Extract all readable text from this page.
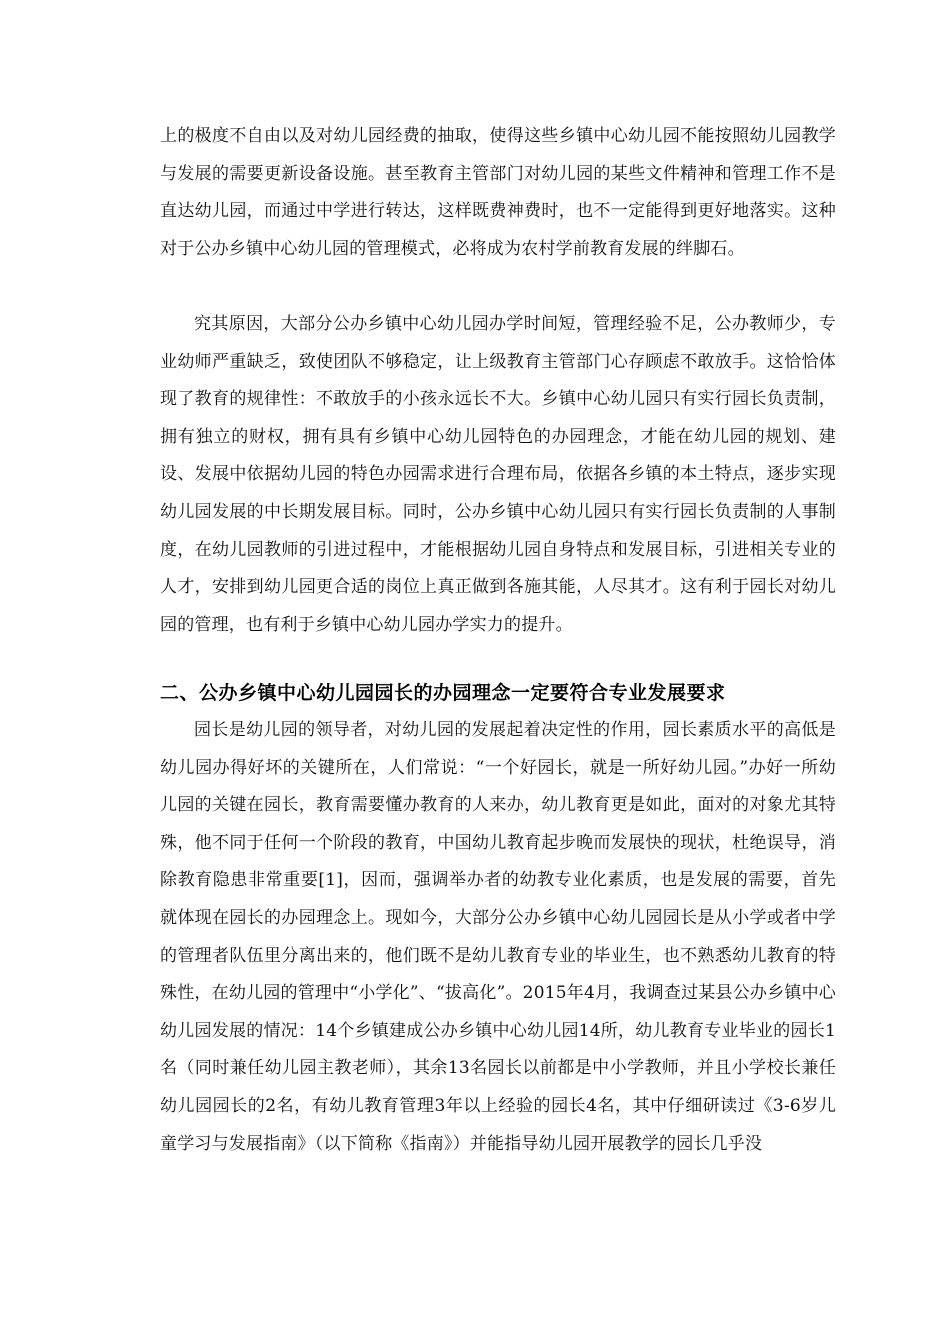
上的极度不自由以及对幼儿园经费的抽取，使得这些乡镇中心幼儿园不能按照幼儿园教学与发展的需要更新设备设施。甚至教育主管部门对幼儿园的某些文件精神和管理工作不是直达幼儿园，而通过中学进行转达，这样既费神费时，也不一定能得到更好地落实。这种对于公办乡镇中心幼儿园的管理模式，必将成为农村学前教育发展的绊脚石。

究其原因，大部分公办乡镇中心幼儿园办学时间短，管理经验不足，公办教师少，专业幼师严重缺乏，致使团队不够稳定，让上级教育主管部门心存顾虑不敢放手。这恰恰体现了教育的规律性：不敢放手的小孩永远长不大。乡镇中心幼儿园只有实行园长负责制，拥有独立的财权，拥有具有乡镇中心幼儿园特色的办园理念，才能在幼儿园的规划、建设、发展中依据幼儿园的特色办园需求进行合理布局，依据各乡镇的本土特点，逐步实现幼儿园发展的中长期发展目标。同时，公办乡镇中心幼儿园只有实行园长负责制的人事制度，在幼儿园教师的引进过程中，才能根据幼儿园自身特点和发展目标，引进相关专业的人才，安排到幼儿园更合适的岗位上真正做到各施其能，人尽其才。这有利于园长对幼儿园的管理，也有利于乡镇中心幼儿园办学实力的提升。

二、公办乡镇中心幼儿园园长的办园理念一定要符合专业发展要求

园长是幼儿园的领导者，对幼儿园的发展起着决定性的作用，园长素质水平的高低是幼儿园办得好坏的关键所在，人们常说：“一个好园长，就是一所好幼儿园。”办好一所幼儿园的关键在园长，教育需要懂办教育的人来办，幼儿教育更是如此，面对的对象尤其特殊，他不同于任何一个阶段的教育，中国幼儿教育起步晚而发展快的现状，杜绝误导，消除教育隐患非常重要[1]，因而，强调举办者的幼教专业化素质，也是发展的需要，首先就体现在园长的办园理念上。现如今，大部分公办乡镇中心幼儿园园长是从小学或者中学的管理者队伍里分离出来的，他们既不是幼儿教育专业的毕业生，也不熟悉幼儿教育的特殊性，在幼儿园的管理中“小学化”、“拔高化”。2015年4月，我调查过某县公办乡镇中心幼儿园发展的情况：14个乡镇建成公办乡镇中心幼儿园14所，幼儿教育专业毕业的园长1名（同时兼任幼儿园主教老师），其余13名园长以前都是中小学教师，并且小学校长兼任幼儿园园长的2名，有幼儿教育管理3年以上经验的园长4名，其中仔细研读过《3-6岁儿童学习与发展指南》（以下简称《指南》）并能指导幼儿园开展教学的园长几乎没
